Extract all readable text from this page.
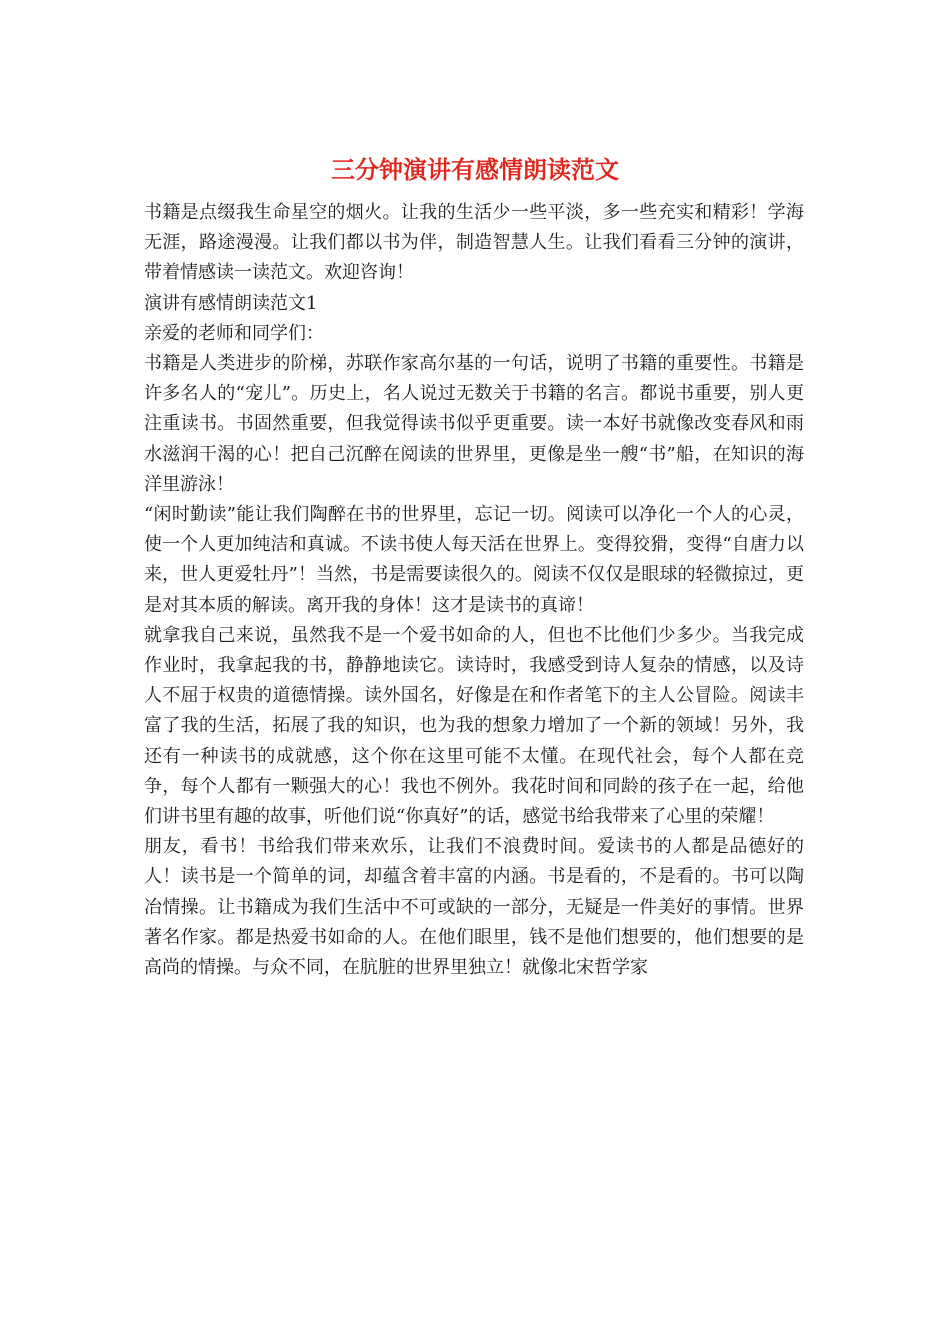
三分钟演讲有感情朗读范文

书籍是点缀我生命星空的烟火。让我的生活少一些平淡，多一些充实和精彩！学海无涯，路途漫漫。让我们都以书为伴，制造智慧人生。让我们看看三分钟的演讲，带着情感读一读范文。欢迎咨询！

演讲有感情朗读范文1

亲爱的老师和同学们：

书籍是人类进步的阶梯，苏联作家高尔基的一句话，说明了书籍的重要性。书籍是许多名人的“宠儿”。历史上，名人说过无数关于书籍的名言。都说书重要，别人更注重读书。书固然重要，但我觉得读书似乎更重要。读一本好书就像改变春风和雨水滋润干渴的心！把自己沉醉在阅读的世界里，更像是坐一艘“书”船，在知识的海洋里游泳！

“闲时勤读”能让我们陶醉在书的世界里，忘记一切。阅读可以净化一个人的心灵，使一个人更加纯洁和真诚。不读书使人每天活在世界上。变得狡猾，变得“自唐力以来，世人更爱牡丹”！当然，书是需要读很久的。阅读不仅仅是眼球的轻微掠过，更是对其本质的解读。离开我的身体！这才是读书的真谛！

就拿我自己来说，虽然我不是一个爱书如命的人，但也不比他们少多少。当我完成作业时，我拿起我的书，静静地读它。读诗时，我感受到诗人复杂的情感，以及诗人不屈于权贵的道德情操。读外国名，好像是在和作者笔下的主人公冒险。阅读丰富了我的生活，拓展了我的知识，也为我的想象力增加了一个新的领域！另外，我还有一种读书的成就感，这个你在这里可能不太懂。在现代社会，每个人都在竞争，每个人都有一颗强大的心！我也不例外。我花时间和同龄的孩子在一起，给他们讲书里有趣的故事，听他们说“你真好”的话，感觉书给我带来了心里的荣耀！

朋友，看书！书给我们带来欢乐，让我们不浪费时间。爱读书的人都是品德好的人！读书是一个简单的词，却蕴含着丰富的内涵。书是看的，不是看的。书可以陶冶情操。让书籍成为我们生活中不可或缺的一部分，无疑是一件美好的事情。世界著名作家。都是热爱书如命的人。在他们眼里，钱不是他们想要的，他们想要的是高尚的情操。与众不同，在肮脏的世界里独立！就像北宋哲学家
